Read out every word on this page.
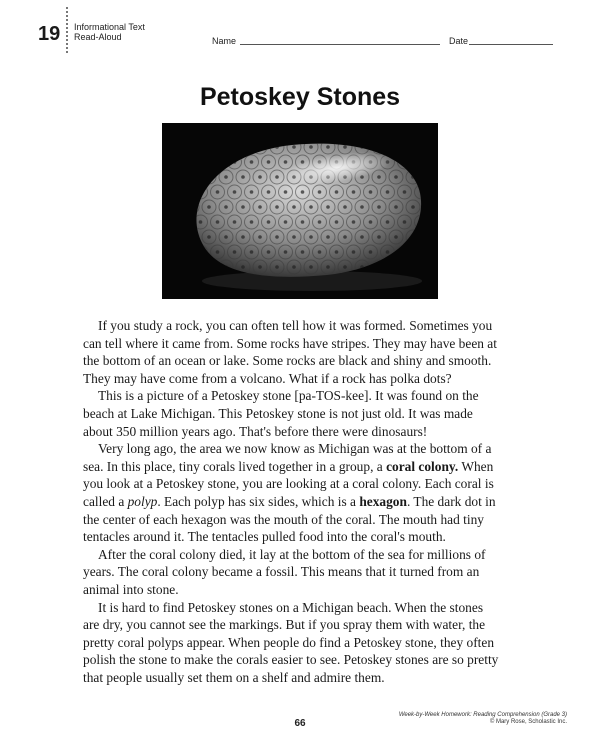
19 Informational Text
Read-Aloud	Name	Date
Petoskey Stones

If you study a rock, you can often tell how it was formed. Sometimes you
can tell where it came from. Some rocks have stripes. They may have been at
the bottom of an ocean or lake. Some rocks are black and shiny and smooth.
They may have come from a volcano. What if a rock has polka dots?

This is a picture of a Petoskey stone [pa-TOS-kee]. It was found on the
beach at Lake Michigan. This Petoskey stone is not just old. It was made
about 350 million years ago. That's before there were dinosaurs!

Very long ago, the area we now know as Michigan was at the bottom of a
sea. In this place, tiny corals lived together in a group, a coral colony. When
you look at a Petoskey stone, you are looking at a coral colony. Each coral is
called a polyp. Each polyp has six sides, which is a hexagon. The dark dot in
the center of each hexagon was the mouth of the coral. The mouth had tiny
tentacles around it. The tentacles pulled food into the coral's mouth.

After the coral colony died, it lay at the bottom of the sea for millions of
years. The coral colony became a fossil. This means that it turned from an
animal into stone.

It is hard to find Petoskey stones on a Michigan beach. When the stones
are dry, you cannot see the markings. But if you spray them with water, the
pretty coral polyps appear. When people do find a Petoskey stone, they often
polish the stone to make the corals easier to see. Petoskey stones are so pretty
that people usually set them on a shelf and admire them.

66
Week-by-Week Homework: Reading Comprehension (Grade 3)
© Mary Rose, Scholastic Inc.
